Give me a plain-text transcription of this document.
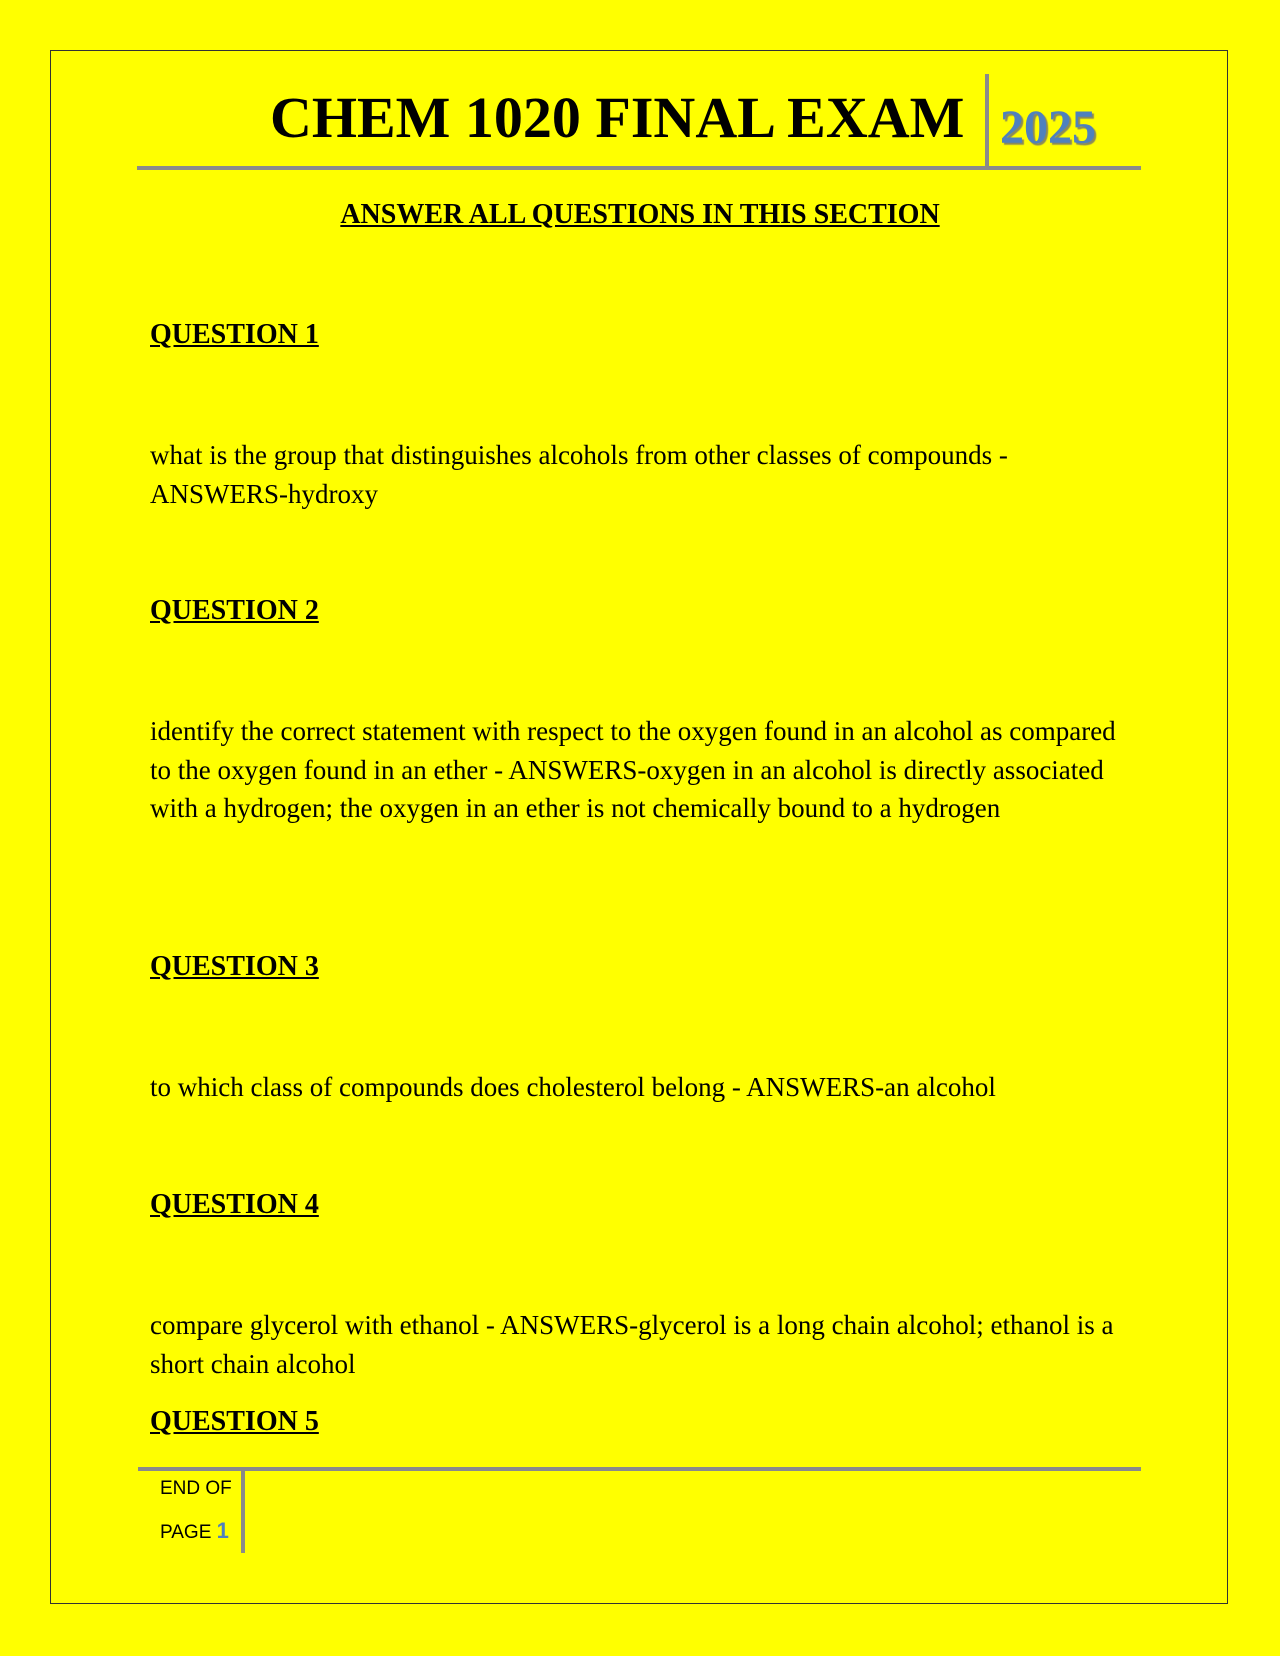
CHEM 1020 FINAL EXAM 2025
ANSWER ALL QUESTIONS IN THIS SECTION
QUESTION 1
what is the group that distinguishes alcohols from other classes of compounds - ANSWERS-hydroxy
QUESTION 2
identify the correct statement with respect to the oxygen found in an alcohol as compared to the oxygen found in an ether - ANSWERS-oxygen in an alcohol is directly associated with a hydrogen; the oxygen in an ether is not chemically bound to a hydrogen
QUESTION 3
to which class of compounds does cholesterol belong - ANSWERS-an alcohol
QUESTION 4
compare glycerol with ethanol - ANSWERS-glycerol is a long chain alcohol; ethanol is a short chain alcohol
QUESTION 5
END OF
PAGE 1
